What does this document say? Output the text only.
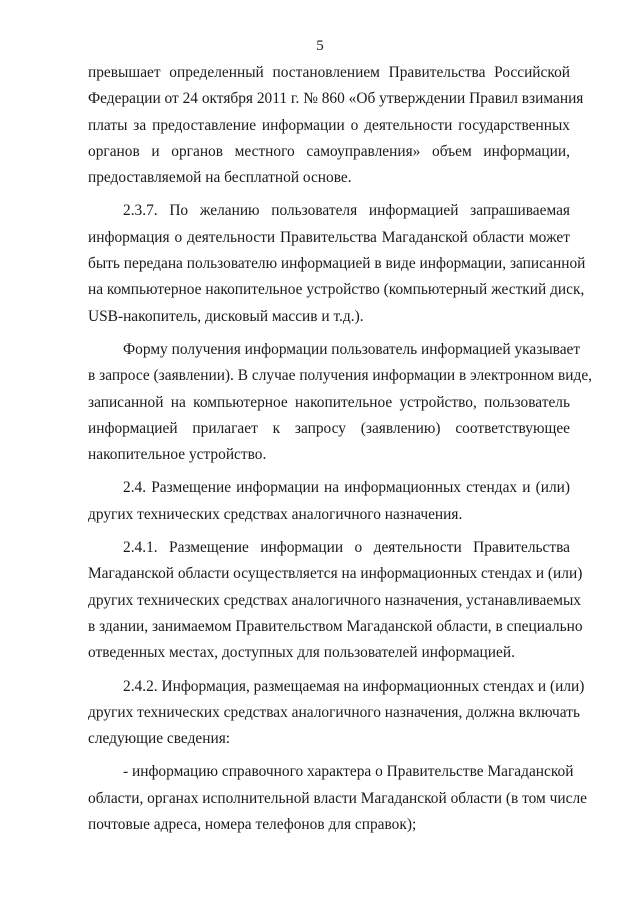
5
превышает определенный постановлением Правительства Российской
Федерации от 24 октября 2011 г. № 860 «Об утверждении Правил взимания
платы за предоставление информации о деятельности государственных
органов и органов местного самоуправления» объем информации,
предоставляемой на бесплатной основе.
2.3.7. По желанию пользователя информацией запрашиваемая
информация о деятельности Правительства Магаданской области может
быть передана пользователю информацией в виде информации, записанной
на компьютерное накопительное устройство (компьютерный жесткий диск,
USB-накопитель, дисковый массив и т.д.).
Форму получения информации пользователь информацией указывает
в запросе (заявлении). В случае получения информации в электронном виде,
записанной на компьютерное накопительное устройство, пользователь
информацией прилагает к запросу (заявлению) соответствующее
накопительное устройство.
2.4. Размещение информации на информационных стендах и (или)
других технических средствах аналогичного назначения.
2.4.1. Размещение информации о деятельности Правительства
Магаданской области осуществляется на информационных стендах и (или)
других технических средствах аналогичного назначения, устанавливаемых
в здании, занимаемом Правительством Магаданской области, в специально
отведенных местах, доступных для пользователей информацией.
2.4.2. Информация, размещаемая на информационных стендах и (или)
других технических средствах аналогичного назначения, должна включать
следующие сведения:
- информацию справочного характера о Правительстве Магаданской
области, органах исполнительной власти Магаданской области (в том числе
почтовые адреса, номера телефонов для справок);
